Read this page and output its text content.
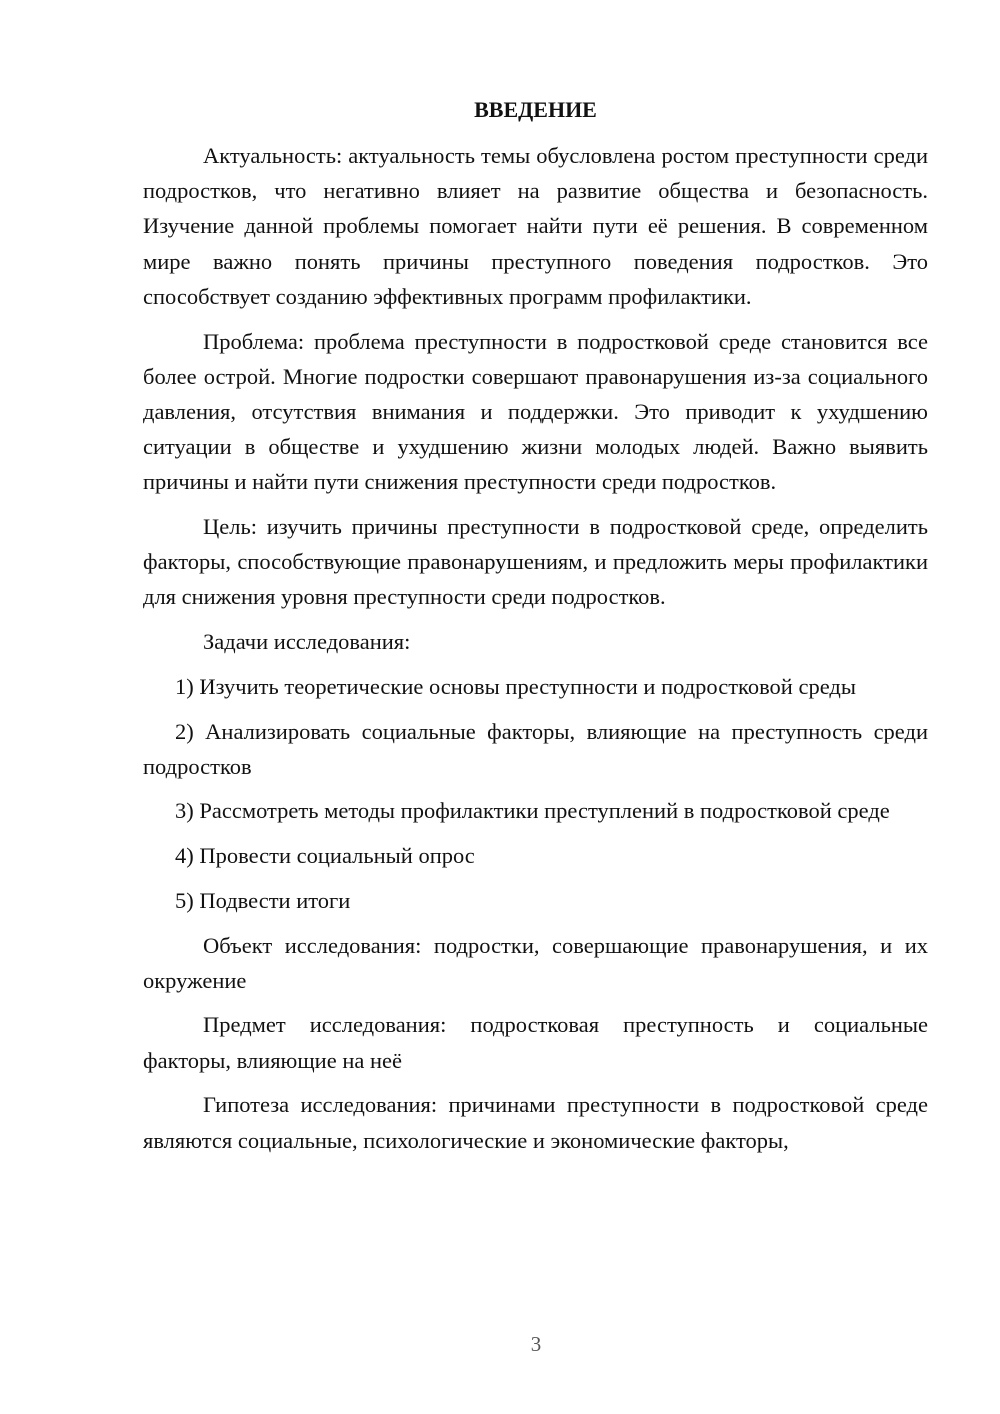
ВВЕДЕНИЕ

Актуальность: актуальность темы обусловлена ростом преступности среди подростков, что негативно влияет на развитие общества и безопасность. Изучение данной проблемы помогает найти пути её решения. В современном мире важно понять причины преступного поведения подростков. Это способствует созданию эффективных программ профилактики.

Проблема: проблема преступности в подростковой среде становится все более острой. Многие подростки совершают правонарушения из-за социального давления, отсутствия внимания и поддержки. Это приводит к ухудшению ситуации в обществе и ухудшению жизни молодых людей. Важно выявить причины и найти пути снижения преступности среди подростков.

Цель: изучить причины преступности в подростковой среде, определить факторы, способствующие правонарушениям, и предложить меры профилактики для снижения уровня преступности среди подростков.

Задачи исследования:

1) Изучить теоретические основы преступности и подростковой среды

2) Анализировать социальные факторы, влияющие на преступность среди подростков

3) Рассмотреть методы профилактики преступлений в подростковой среде

4) Провести социальный опрос

5) Подвести итоги

Объект исследования: подростки, совершающие правонарушения, и их окружение

Предмет исследования: подростковая преступность и социальные факторы, влияющие на неё

Гипотеза исследования: причинами преступности в подростковой среде являются социальные, психологические и экономические факторы,

3
